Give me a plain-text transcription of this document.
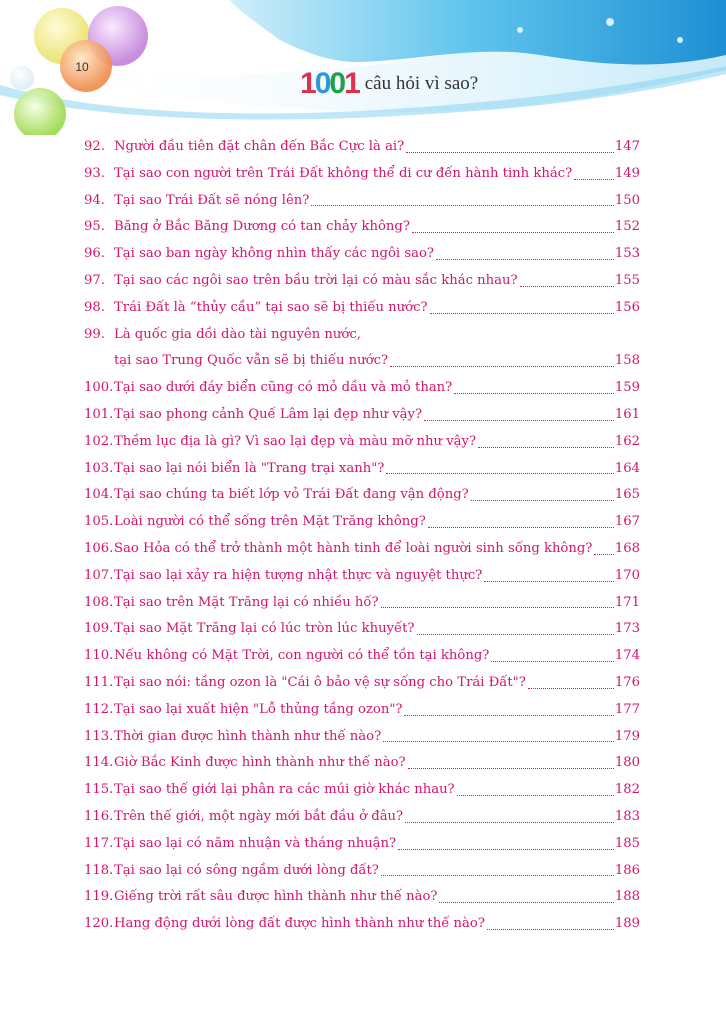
10	1001 câu hỏi vì sao?
92. Người đầu tiên đặt chân đến Bắc Cực là ai?	147
93. Tại sao con người trên Trái Đất không thể di cư đến hành tinh khác?	149
94. Tại sao Trái Đất sẽ nóng lên?	150
95. Băng ở Bắc Băng Dương có tan chảy không?	152
96. Tại sao ban ngày không nhìn thấy các ngôi sao?	153
97. Tại sao các ngôi sao trên bầu trời lại có màu sắc khác nhau?	155
98. Trái Đất là “thủy cầu” tại sao sẽ bị thiếu nước?	156
99. Là quốc gia dồi dào tài nguyên nước,
tại sao Trung Quốc vẫn sẽ bị thiếu nước?	158
100. Tại sao dưới đáy biển cũng có mỏ dầu và mỏ than?	159
101. Tại sao phong cảnh Quế Lâm lại đẹp như vậy?	161
102. Thềm lục địa là gì? Vì sao lại đẹp và màu mỡ như vậy?	162
103. Tại sao lại nói biển là "Trang trại xanh"?	164
104. Tại sao chúng ta biết lớp vỏ Trái Đất đang vận động?	165
105. Loài người có thể sống trên Mặt Trăng không?	167
106. Sao Hỏa có thể trở thành một hành tinh để loài người sinh sống không? 168
107. Tại sao lại xảy ra hiện tượng nhật thực và nguyệt thực?	170
108. Tại sao trên Mặt Trăng lại có nhiều hố?	171
109. Tại sao Mặt Trăng lại có lúc tròn lúc khuyết?	173
110. Nếu không có Mặt Trời, con người có thể tồn tại không?	174
111. Tại sao nói: tầng ozon là "Cái ô bảo vệ sự sống cho Trái Đất"?	176
112. Tại sao lại xuất hiện "Lỗ thủng tầng ozon"?	177
113. Thời gian được hình thành như thế nào?	179
114. Giờ Bắc Kinh được hình thành như thế nào?	180
115. Tại sao thế giới lại phân ra các múi giờ khác nhau?	182
116. Trên thế giới, một ngày mới bắt đầu ở đâu?	183
117. Tại sao lại có năm nhuận và tháng nhuận?	185
118. Tại sao lại có sông ngầm dưới lòng đất?	186
119. Giếng trời rất sâu được hình thành như thế nào?	188
120. Hang động dưới lòng đất được hình thành như thế nào?	189
